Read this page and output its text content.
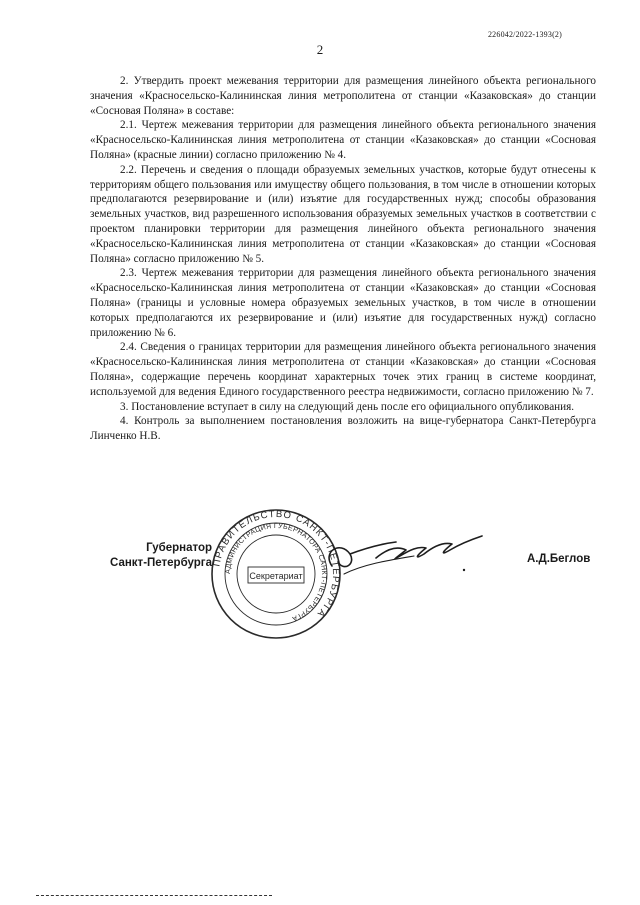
226042/2022-1393(2)
2

2. Утвердить проект межевания территории для размещения линейного объекта регионального значения «Красносельско-Калининская линия метрополитена от станции «Казаковская» до станции «Сосновая Поляна» в составе:

2.1. Чертеж межевания территории для размещения линейного объекта регионального значения «Красносельско-Калининская линия метрополитена от станции «Казаковская» до станции «Сосновая Поляна» (красные линии) согласно приложению № 4.

2.2. Перечень и сведения о площади образуемых земельных участков, которые будут отнесены к территориям общего пользования или имуществу общего пользования, в том числе в отношении которых предполагаются резервирование и (или) изъятие для государственных нужд; способы образования земельных участков, вид разрешенного использования образуемых земельных участков в соответствии с проектом планировки территории для размещения линейного объекта регионального значения «Красносельско-Калининская линия метрополитена от станции «Казаковская» до станции «Сосновая Поляна» согласно приложению № 5.

2.3. Чертеж межевания территории для размещения линейного объекта регионального значения «Красносельско-Калининская линия метрополитена от станции «Казаковская» до станции «Сосновая Поляна» (границы и условные номера образуемых земельных участков, в том числе в отношении которых предполагаются их резервирование и (или) изъятие для государственных нужд) согласно приложению № 6.

2.4. Сведения о границах территории для размещения линейного объекта регионального значения «Красносельско-Калининская линия метрополитена от станции «Казаковская» до станции «Сосновая Поляна», содержащие перечень координат характерных точек этих границ в системе координат, используемой для ведения Единого государственного реестра недвижимости, согласно приложению № 7.

3. Постановление вступает в силу на следующий день после его официального опубликования.

4. Контроль за выполнением постановления возложить на вице-губернатора Санкт-Петербурга Линченко Н.В.

Губернатор
Санкт-Петербурга ПРАВИТЕЛЬСТВО САНКТ-ПЕТЕРБУРГА
АДМИНИСТРАЦИЯ ГУБЕРНАТОРА САНКТ-ПЕТЕРБУРГА
Секретариат
А.Д.Беглов
